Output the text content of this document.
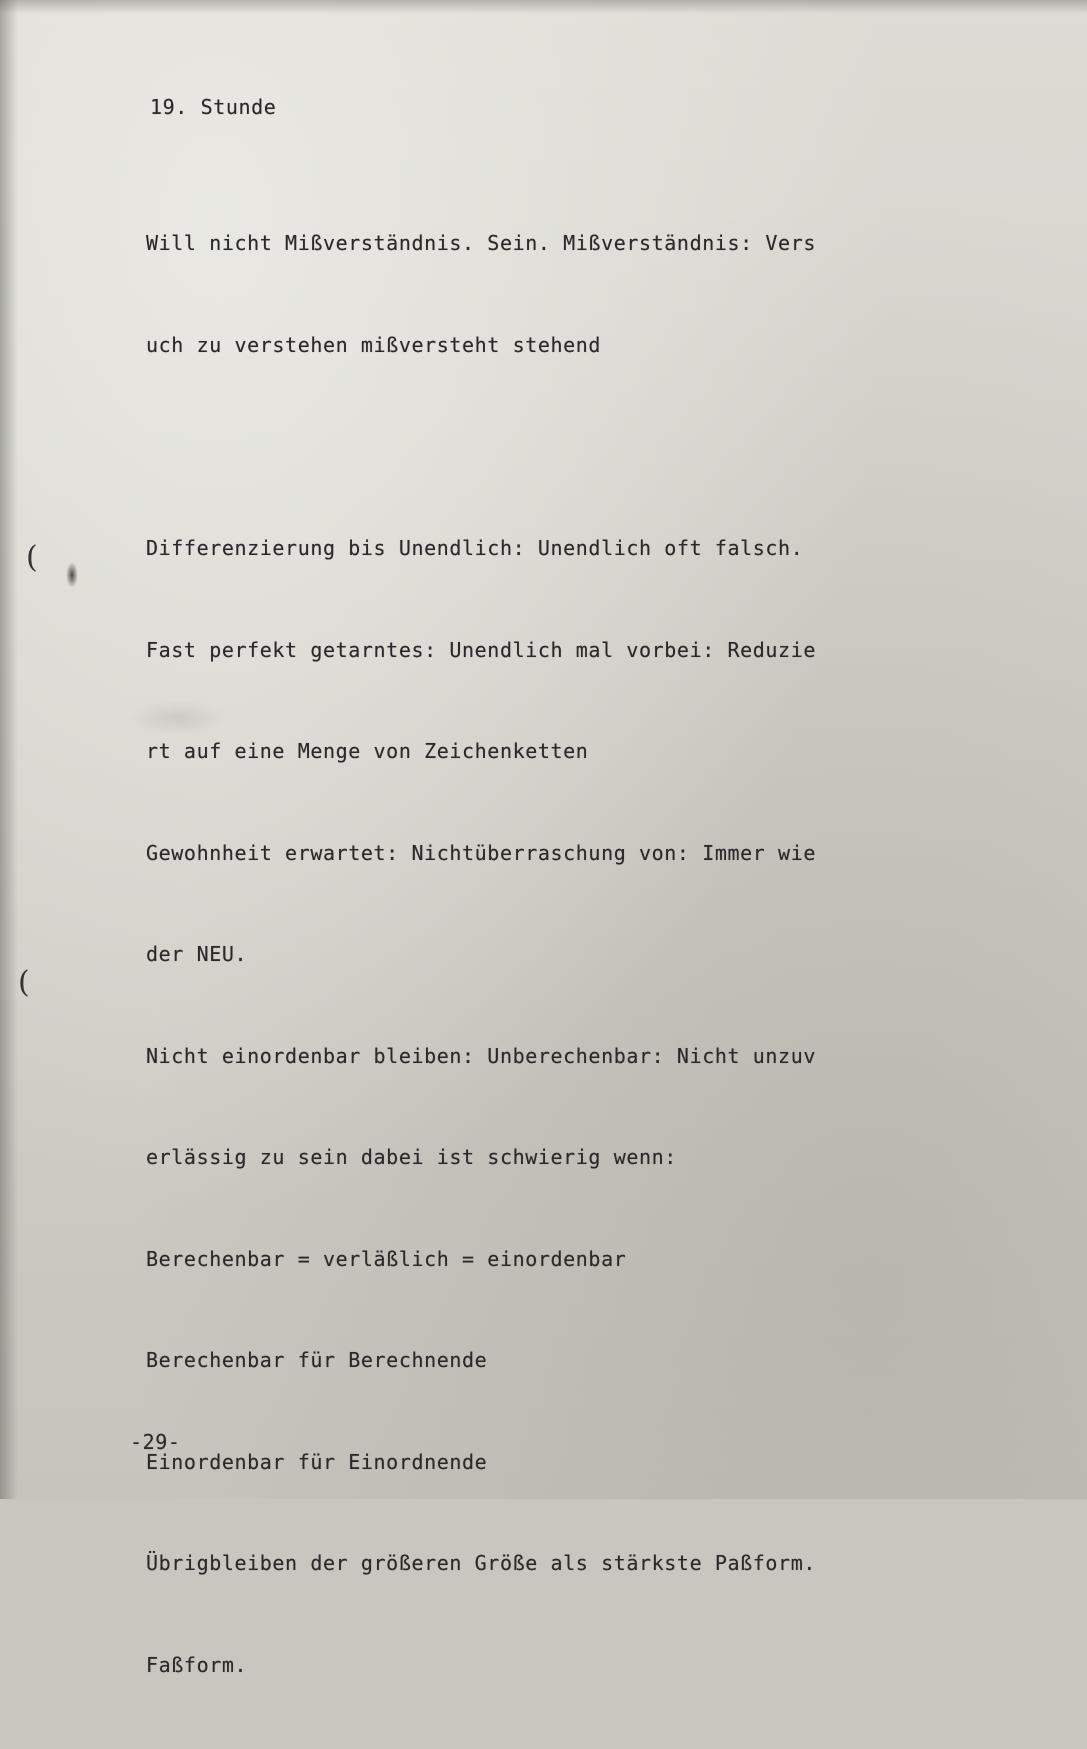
19. Stunde

Will nicht Mißverständnis. Sein. Mißverständnis: Vers

uch zu verstehen mißversteht stehend

Differenzierung bis Unendlich: Unendlich oft falsch.

Fast perfekt getarntes: Unendlich mal vorbei: Reduzie

rt auf eine Menge von Zeichenketten

Gewohnheit erwartet: Nichtüberraschung von: Immer wie

der NEU.

Nicht einordenbar bleiben: Unberechenbar: Nicht unzuv

erlässig zu sein dabei ist schwierig wenn:

Berechenbar = verläßlich = einordenbar

Berechenbar für Berechnende

Einordenbar für Einordnende

Übrigbleiben der größeren Größe als stärkste Paßform.

Faßform.

(
(
-29-
